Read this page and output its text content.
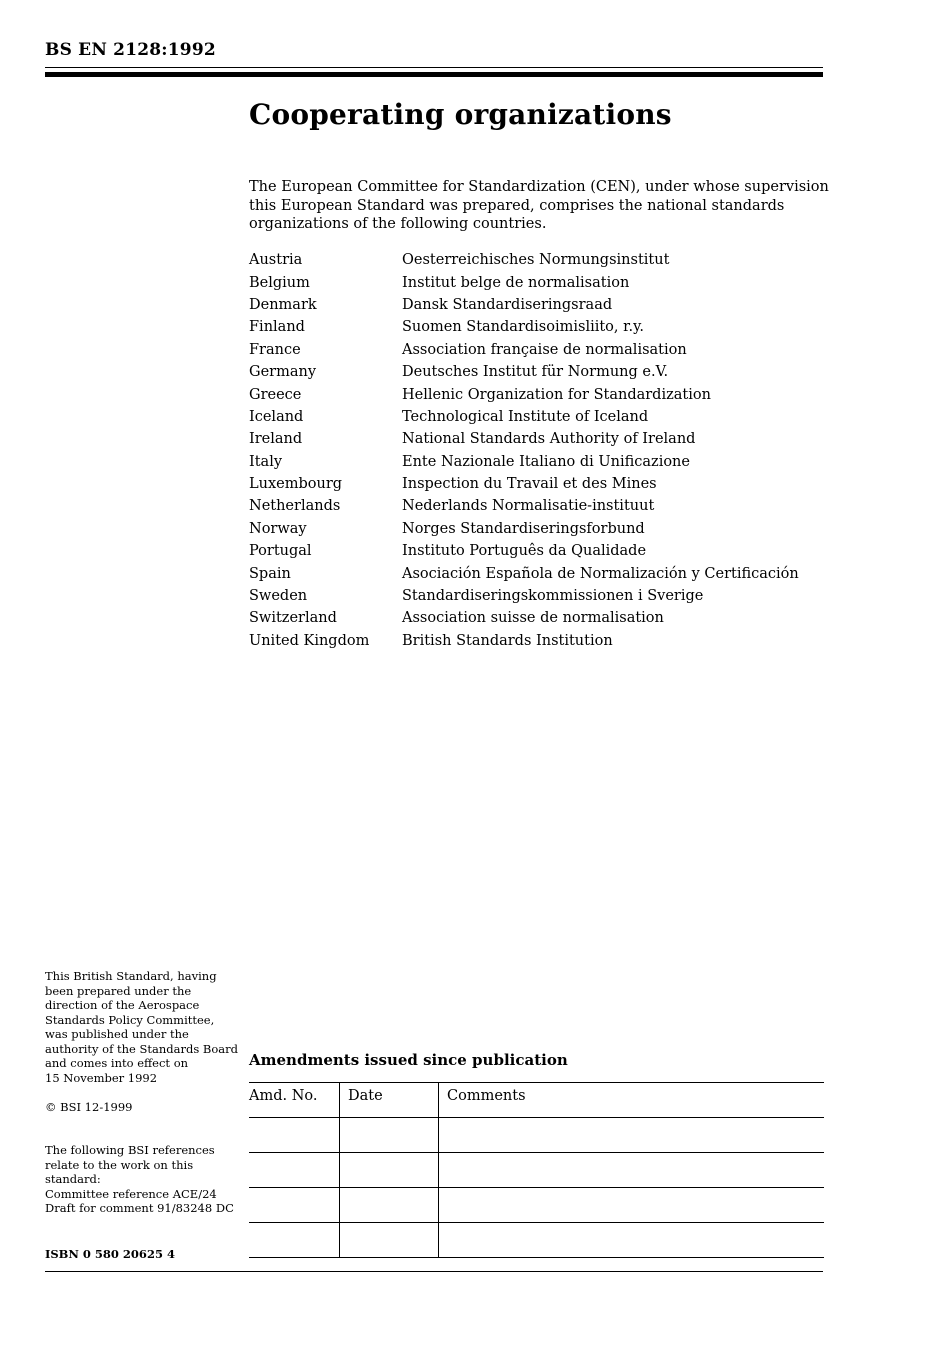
BS EN 2128:1992
Cooperating organizations

The European Committee for Standardization (CEN), under whose supervision this European Standard was prepared, comprises the national standards organizations of the following countries.

Austria	Oesterreichisches Normungsinstitut
Belgium	Institut belge de normalisation
Denmark	Dansk Standardiseringsraad
Finland	Suomen Standardisoimisliito, r.y.
France	Association française de normalisation
Germany	Deutsches Institut für Normung e.V.
Greece	Hellenic Organization for Standardization
Iceland	Technological Institute of Iceland
Ireland	National Standards Authority of Ireland
Italy	Ente Nazionale Italiano di Unificazione
Luxembourg	Inspection du Travail et des Mines
Netherlands	Nederlands Normalisatie-instituut
Norway	Norges Standardiseringsforbund
Portugal	Instituto Português da Qualidade
Spain	Asociación Española de Normalización y Certificación
Sweden	Standardiseringskommissionen i Sverige
Switzerland	Association suisse de normalisation
United Kingdom	British Standards Institution
This British Standard, having
been prepared under the
direction of the Aerospace
Standards Policy Committee,
was published under the
authority of the Standards Board
and comes into effect on
15 November 1992
© BSI 12-1999
The following BSI references
relate to the work on this
standard:
Committee reference ACE/24
Draft for comment 91/83248 DC
ISBN 0 580 20625 4
Amendments issued since publication
Amd. No.	Date	Comments
